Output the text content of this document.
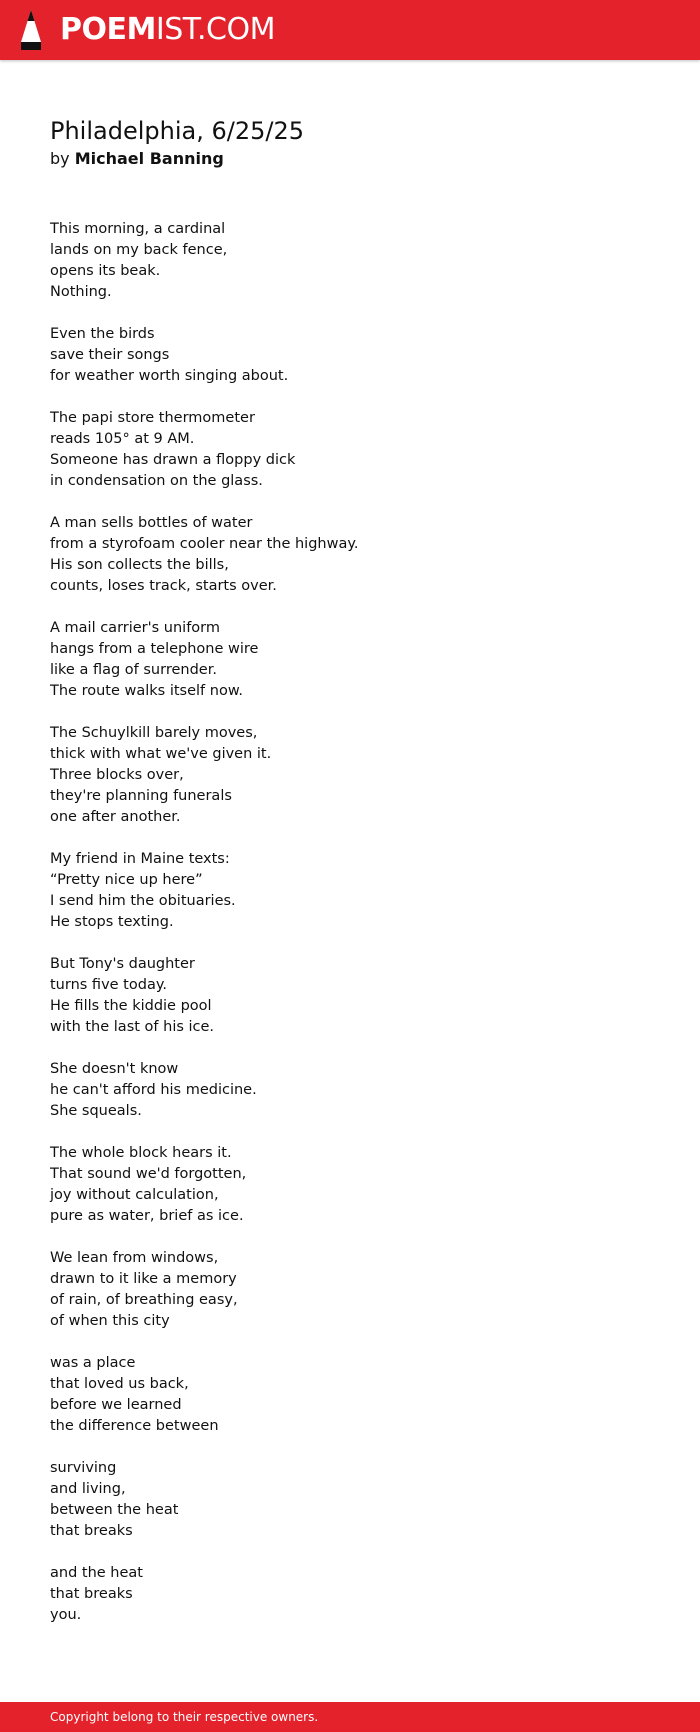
POEMIST.COM
Philadelphia, 6/25/25
by Michael Banning
This morning, a cardinal
lands on my back fence,
opens its beak.
Nothing.
Even the birds
save their songs
for weather worth singing about.
The papi store thermometer
reads 105° at 9 AM.
Someone has drawn a floppy dick
in condensation on the glass.
A man sells bottles of water
from a styrofoam cooler near the highway.
His son collects the bills,
counts, loses track, starts over.
A mail carrier's uniform
hangs from a telephone wire
like a flag of surrender.
The route walks itself now.
The Schuylkill barely moves,
thick with what we've given it.
Three blocks over,
they're planning funerals
one after another.
My friend in Maine texts:
“Pretty nice up here”
I send him the obituaries.
He stops texting.
But Tony's daughter
turns five today.
He fills the kiddie pool
with the last of his ice.
She doesn't know
he can't afford his medicine.
She squeals.
The whole block hears it.
That sound we'd forgotten,
joy without calculation,
pure as water, brief as ice.
We lean from windows,
drawn to it like a memory
of rain, of breathing easy,
of when this city
was a place
that loved us back,
before we learned
the difference between
surviving
and living,
between the heat
that breaks
and the heat
that breaks
you.
Copyright belong to their respective owners.
